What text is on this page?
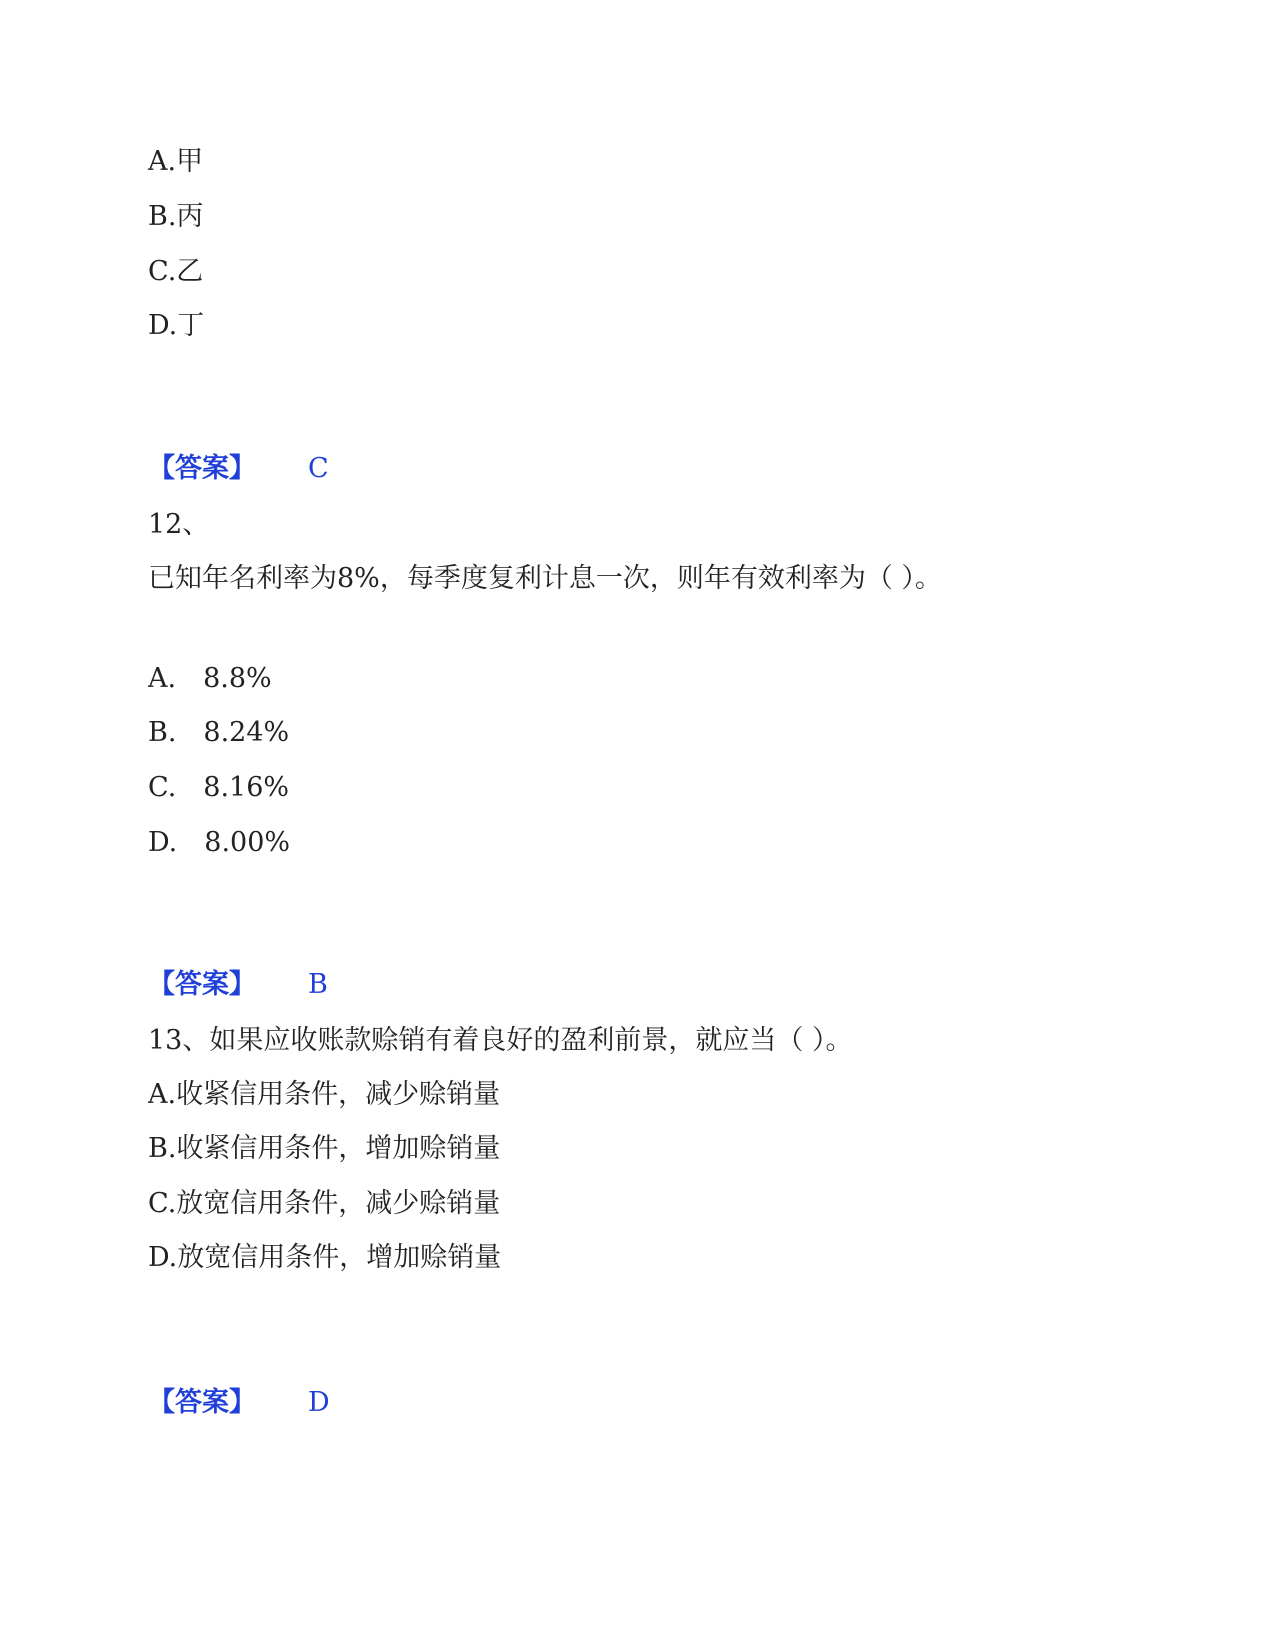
A.甲
B.丙
C.乙
D.丁
【答案】 C
12、
已知年名利率为8%，每季度复利计息一次，则年有效利率为（ ）。
A.　8.8%
B.　8.24%
C.　8.16%
D.　8.00%
【答案】 B
13、如果应收账款赊销有着良好的盈利前景，就应当（ ）。
A.收紧信用条件，减少赊销量
B.收紧信用条件，增加赊销量
C.放宽信用条件，减少赊销量
D.放宽信用条件，增加赊销量
【答案】 D
